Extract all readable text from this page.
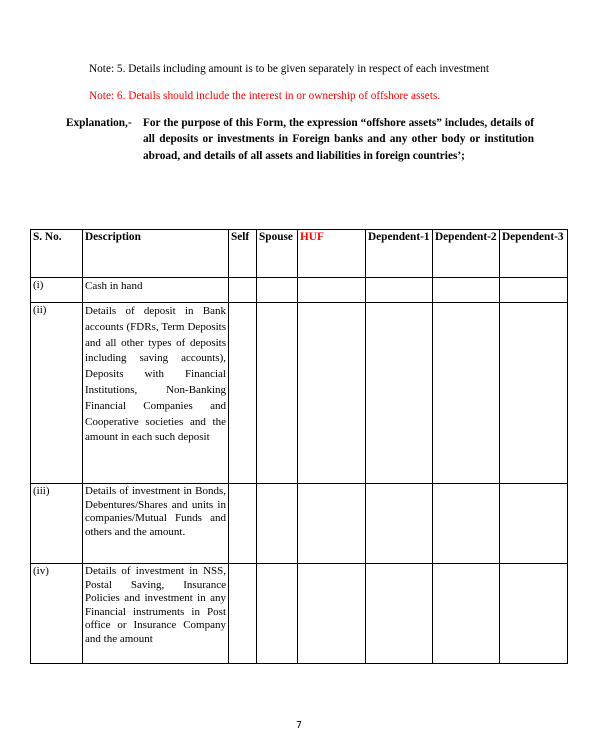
Note: 5. Details including amount is to be given separately in respect of each investment
Note: 6. Details should include the interest in or ownership of offshore assets.
Explanation,- For the purpose of this Form, the expression “offshore assets” includes, details of all deposits or investments in Foreign banks and any other body or institution abroad, and details of all assets and liabilities in foreign countries’;
S. No.	Description	Self	Spouse	HUF	Dependent-1	Dependent-2	Dependent-3
(i)	Cash in hand						
(ii)	Details of deposit in Bank accounts (FDRs, Term Deposits and all other types of deposits including saving accounts), Deposits with Financial Institutions, Non-Banking Financial Companies and Cooperative societies and the amount in each such deposit						
(iii)	Details of investment in Bonds, Debentures/Shares and units in companies/Mutual Funds and others and the amount.						
(iv)	Details of investment in NSS, Postal Saving, Insurance Policies and investment in any Financial instruments in Post office or Insurance Company and the amount						
7
